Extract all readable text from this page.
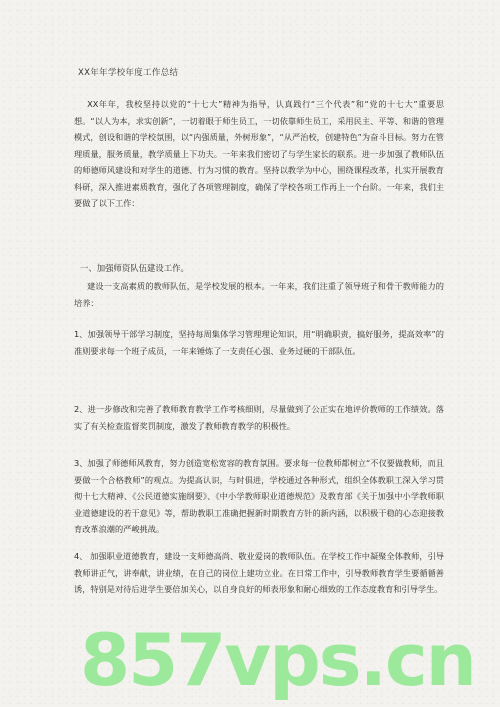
XX年年学校年度工作总结

XX年年，我校坚持以党的“十七大”精神为指导，认真践行“三个代表”和“党的十七大”重要思想。“以人为本，求实创新”，一切着眼于师生员工，一切依靠师生员工，采用民主、平等、和谐的管理模式，创设和谐的学校氛围，以“内强质量，外树形象”，“从严治校，创建特色”为奋斗目标。努力在管理质量，服务质量，教学质量上下功夫。一年来我们密切了与学生家长的联系。进一步加强了教师队伍的师德师风建设和对学生的道德、行为习惯的教育。坚持以教学为中心，围绕课程改革，扎实开展教育科研，深入推进素质教育，强化了各项管理制度，确保了学校各项工作再上一个台阶。一年来，我们主要做了以下工作：

一、加强师资队伍建设工作。

建设一支高素质的教师队伍，是学校发展的根本。一年来，我们注重了领导班子和骨干教师能力的培养：

1、加强领导干部学习制度，坚持每周集体学习管理理论知识，用“明确职责，搞好服务，提高效率”的准则要求每一个班子成员，一年来锤炼了一支责任心强、业务过硬的干部队伍。

2、进一步修改和完善了教师教育教学工作考核细则，尽量做到了公正实在地评价教师的工作绩效。落实了有关检查监督奖罚制度，激发了教师教育教学的积极性。

3、加强了师德师风教育，努力创造宽松宽容的教育氛围。要求每一位教师都树立“不仅要做教师，而且要做一个合格教师”的观点。为提高认识，与时俱进，学校通过各种形式，组织全体教职工深入学习贯彻十七大精神、《公民道德实施纲要》、《中小学教师职业道德规范》及教育部《关于加强中小学教师职业道德建设的若干意见》等，帮助教职工准确把握新时期教育方针的新内涵，以积极干稳的心态迎接教育改革浪潮的严峻挑战。

4、 加强职业道德教育，建设一支师德高尚、敬业爱岗的教师队伍。在学校工作中凝聚全体教师，引导教师讲正气，讲奉献，讲业绩，在自己的岗位上建功立业。在日常工作中，引导教师教育学生要循循善诱，特别是对待后进学生要倍加关心，以自身良好的师表形象和耐心细致的工作态度教育和引导学生。

857vps.cn
